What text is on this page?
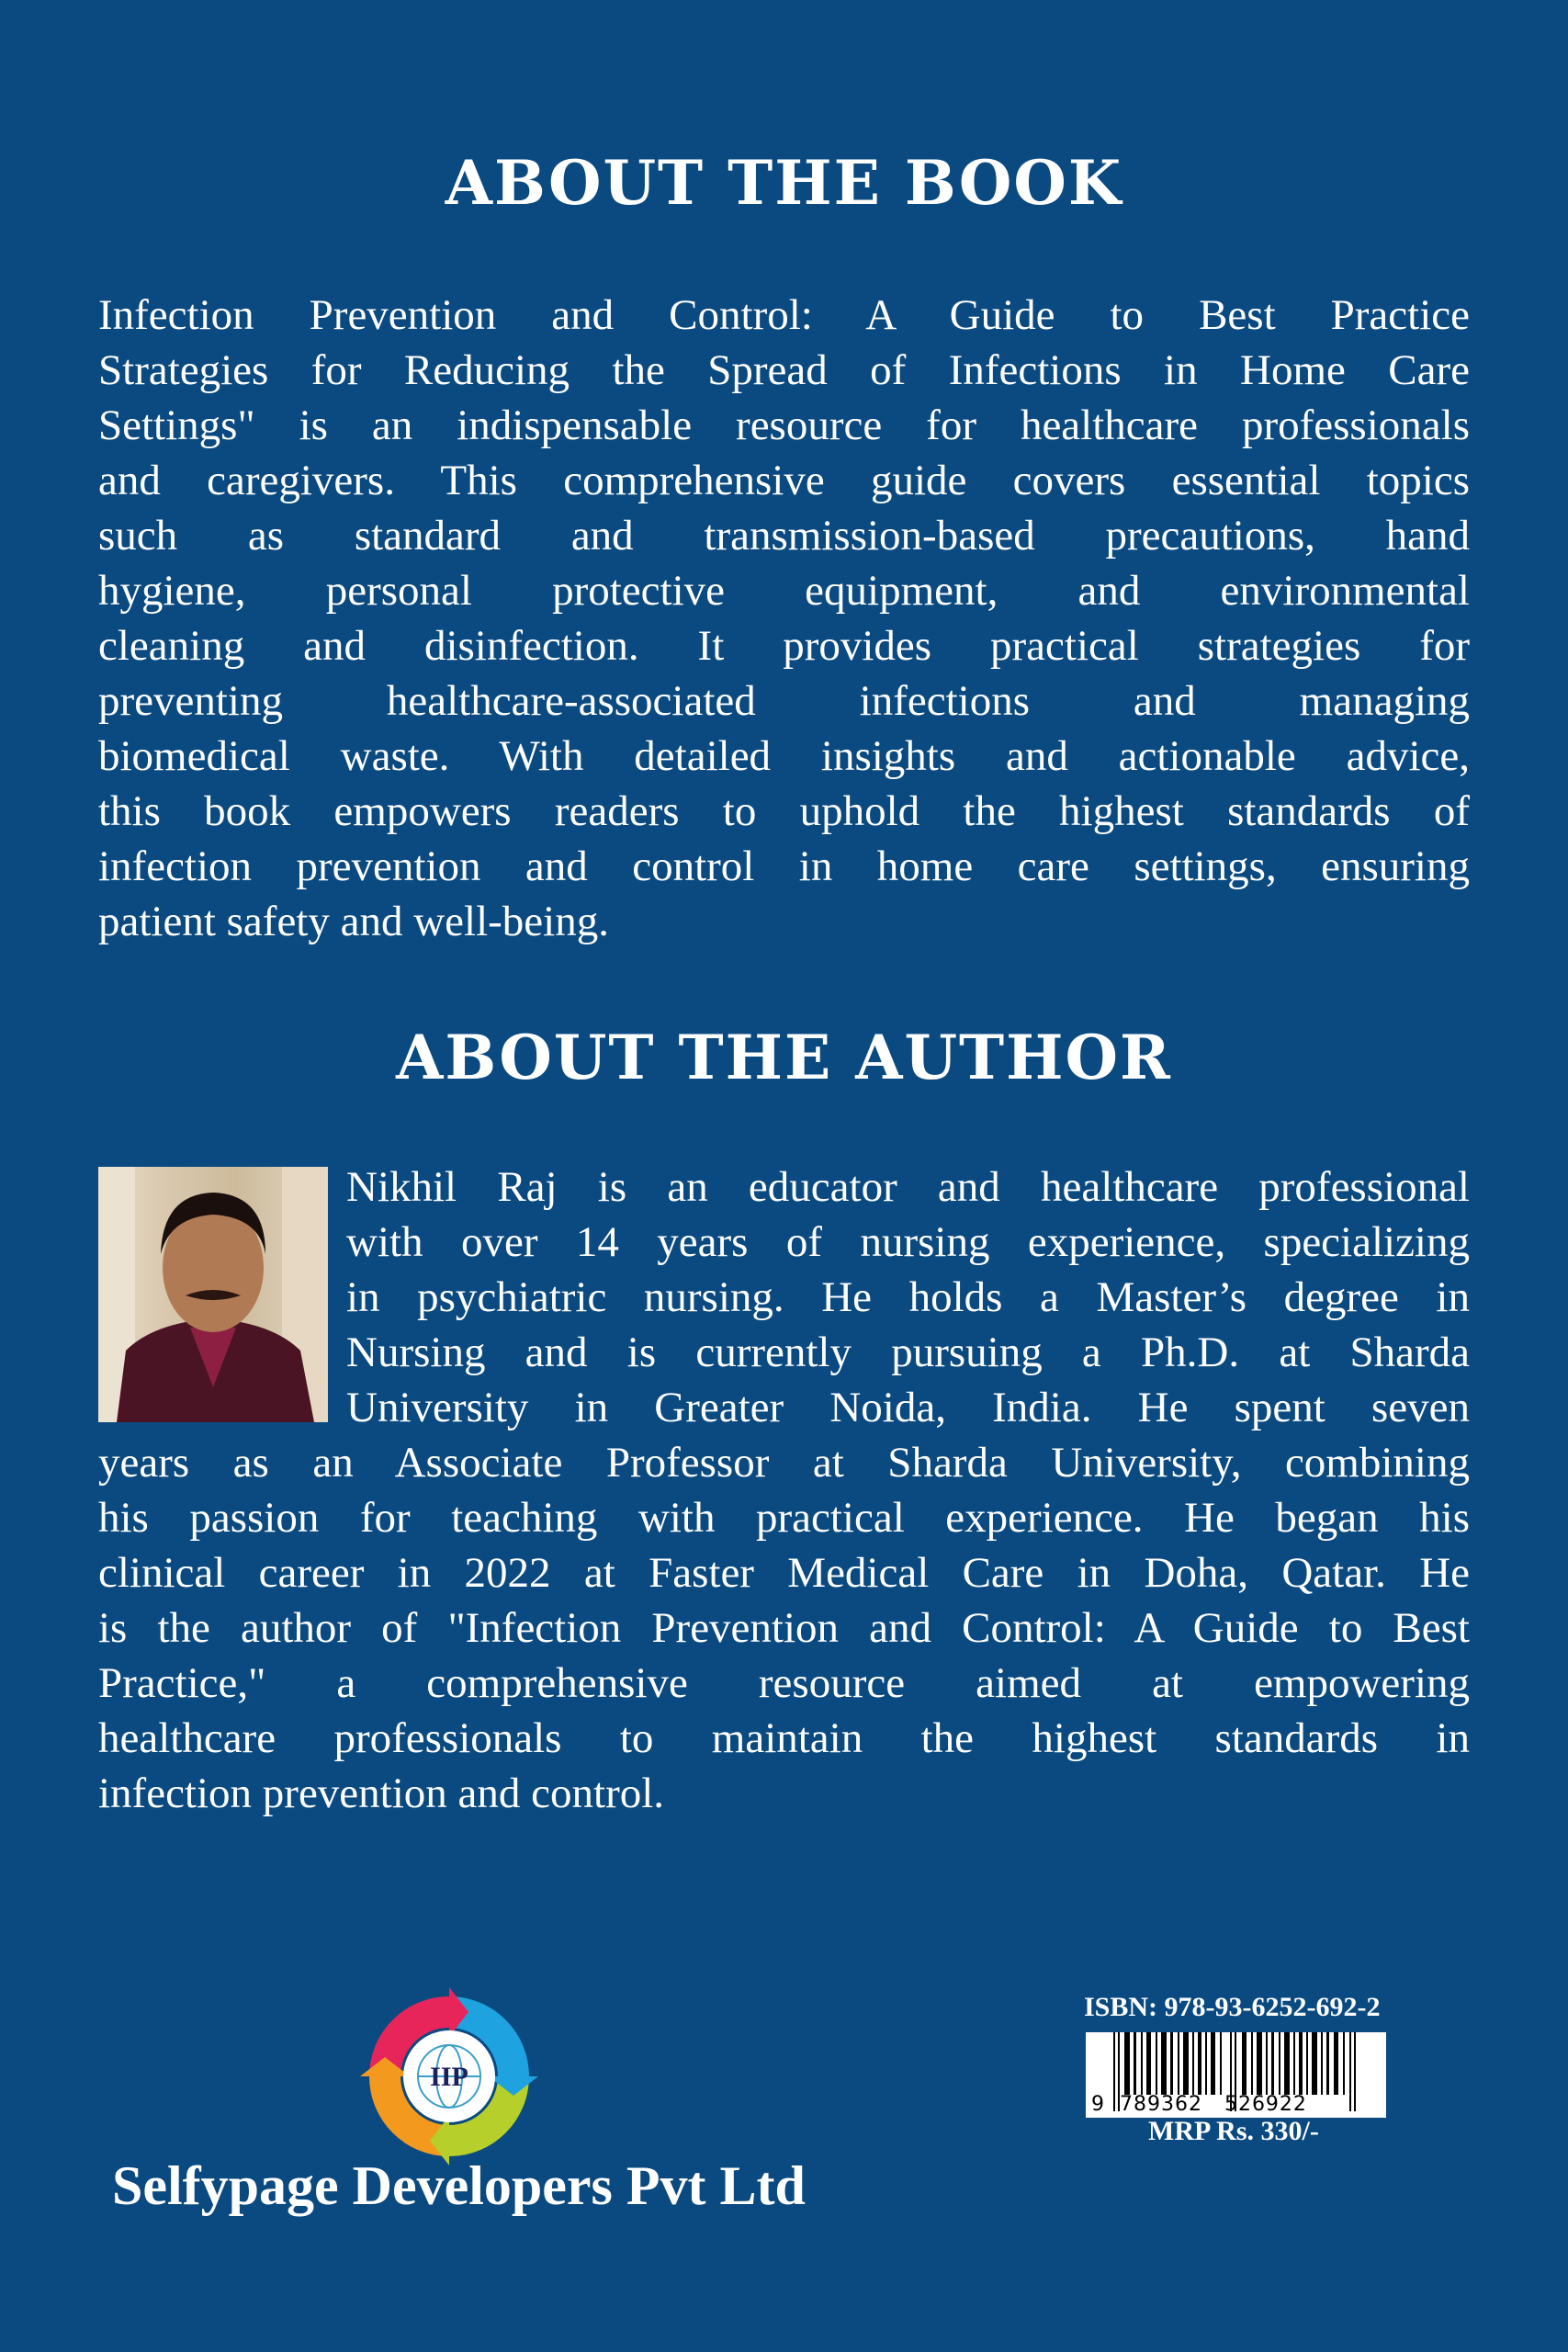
ABOUT THE BOOK
Infection Prevention and Control: A Guide to Best Practice
Strategies for Reducing the Spread of Infections in Home Care
Settings" is an indispensable resource for healthcare professionals
and caregivers. This comprehensive guide covers essential topics
such as standard and transmission-based precautions, hand
hygiene, personal protective equipment, and environmental
cleaning and disinfection. It provides practical strategies for
preventing healthcare-associated infections and managing
biomedical waste. With detailed insights and actionable advice,
this book empowers readers to uphold the highest standards of
infection prevention and control in home care settings, ensuring
patient safety and well-being.
ABOUT THE AUTHOR
Nikhil Raj is an educator and healthcare professional
with over 14 years of nursing experience, specializing
in psychiatric nursing. He holds a Master’s degree in
Nursing and is currently pursuing a Ph.D. at Sharda
University in Greater Noida, India. He spent seven
years as an Associate Professor at Sharda University, combining
his passion for teaching with practical experience. He began his
clinical career in 2022 at Faster Medical Care in Doha, Qatar. He
is the author of "Infection Prevention and Control: A Guide to Best
Practice," a comprehensive resource aimed at empowering
healthcare professionals to maintain the highest standards in
infection prevention and control.
IIP
Selfypage Developers Pvt Ltd
ISBN: 978-93-6252-692-2
9  789362   526922
MRP Rs. 330/-
